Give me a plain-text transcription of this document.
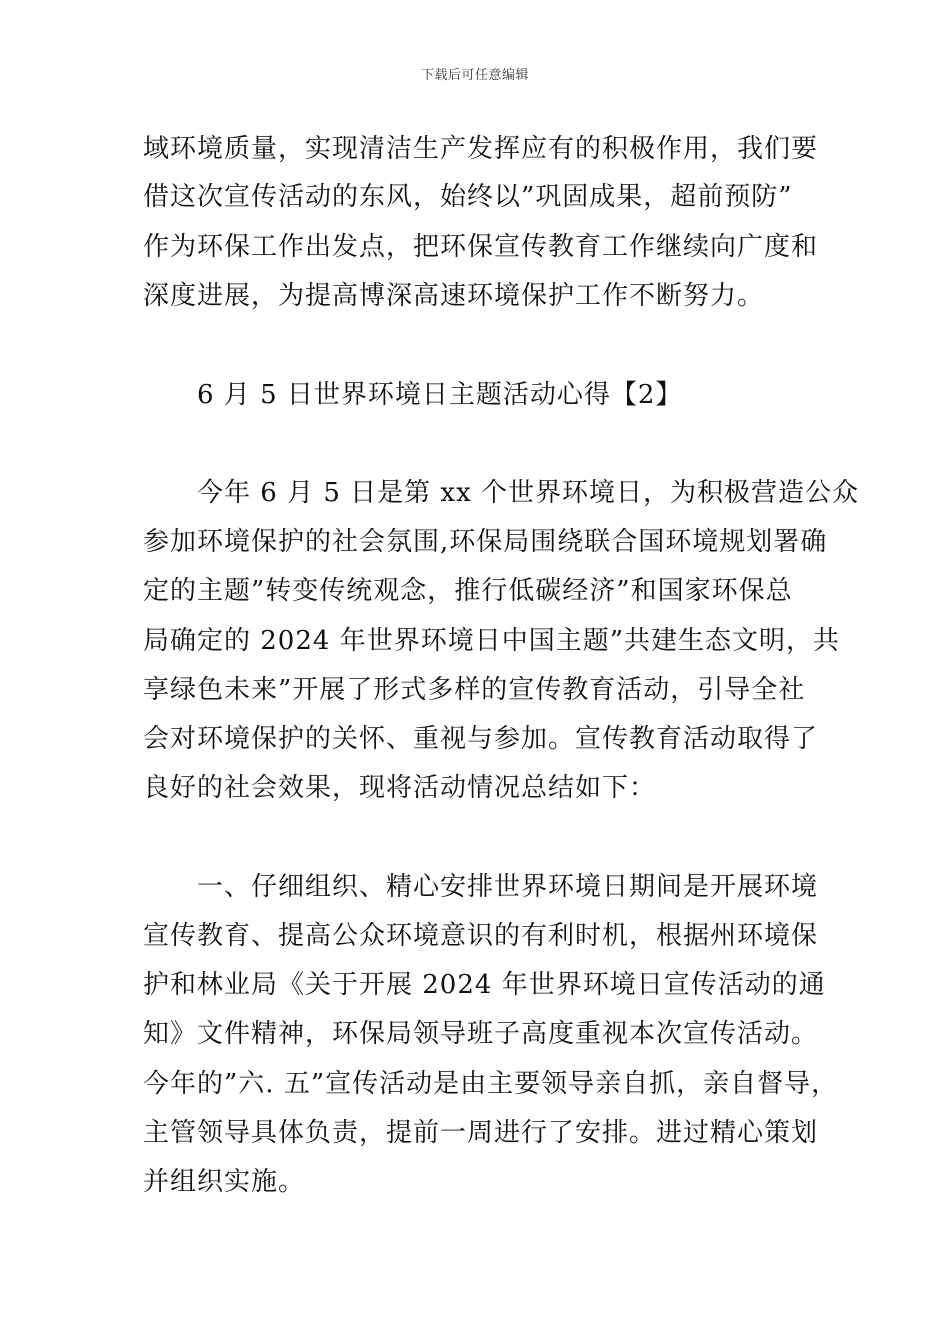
下载后可任意编辑
域环境质量，实现清洁生产发挥应有的积极作用，我们要
借这次宣传活动的东风，始终以”巩固成果，超前预防”
作为环保工作出发点，把环保宣传教育工作继续向广度和
深度进展，为提高博深高速环境保护工作不断努力。
6 月 5 日世界环境日主题活动心得【2】
今年 6 月 5 日是第 xx 个世界环境日，为积极营造公众
参加环境保护的社会氛围,环保局围绕联合国环境规划署确
定的主题”转变传统观念，推行低碳经济”和国家环保总
局确定的 2024 年世界环境日中国主题”共建生态文明，共
享绿色未来”开展了形式多样的宣传教育活动，引导全社
会对环境保护的关怀、重视与参加。宣传教育活动取得了
良好的社会效果，现将活动情况总结如下：
一、仔细组织、精心安排世界环境日期间是开展环境
宣传教育、提高公众环境意识的有利时机，根据州环境保
护和林业局《关于开展 2024 年世界环境日宣传活动的通
知》文件精神，环保局领导班子高度重视本次宣传活动。
今年的”六. 五”宣传活动是由主要领导亲自抓，亲自督导，
主管领导具体负责，提前一周进行了安排。进过精心策划
并组织实施。
